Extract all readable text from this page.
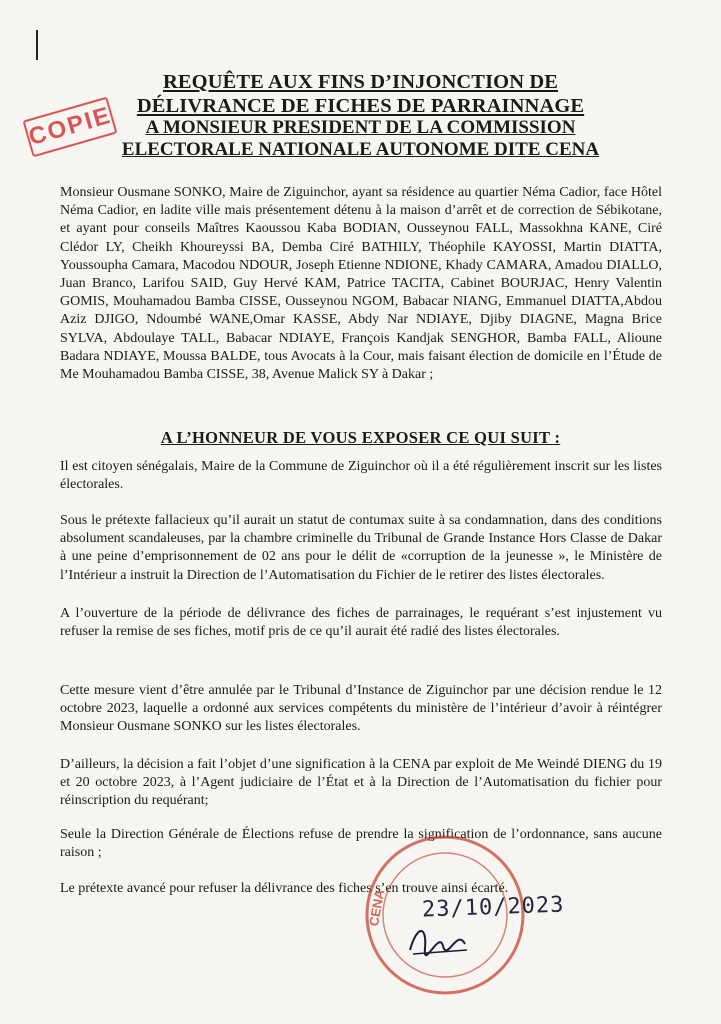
REQUÊTE AUX FINS D’INJONCTION DE
DÉLIVRANCE DE FICHES DE PARRAINNAGE
COPIE	A MONSIEUR PRESIDENT DE LA COMMISSION
ELECTORALE NATIONALE AUTONOME DITE CENA
Monsieur Ousmane SONKO, Maire de Ziguinchor, ayant sa résidence au quartier Néma Cadior, face Hôtel Néma Cadior, en ladite ville mais présentement détenu à la maison d’arrêt et de correction de Sébikotane, et ayant pour conseils Maîtres Kaoussou Kaba BODIAN, Ousseynou FALL, Massokhna KANE, Ciré Clédor LY, Cheikh Khoureyssi BA, Demba Ciré BATHILY, Théophile KAYOSSI, Martin DIATTA, Youssoupha Camara, Macodou NDOUR, Joseph Etienne NDIONE, Khady CAMARA, Amadou DIALLO, Juan Branco, Larifou SAID, Guy Hervé KAM, Patrice TACITA, Cabinet BOURJAC, Henry Valentin GOMIS, Mouhamadou Bamba CISSE, Ousseynou NGOM, Babacar NIANG, Emmanuel DIATTA,Abdou Aziz DJIGO, Ndoumbé WANE,Omar KASSE, Abdy Nar NDIAYE, Djiby DIAGNE, Magna Brice SYLVA, Abdoulaye TALL, Babacar NDIAYE, François Kandjak SENGHOR, Bamba FALL, Alioune Badara NDIAYE, Moussa BALDE, tous Avocats à la Cour, mais faisant élection de domicile en l’Étude de Me Mouhamadou Bamba CISSE, 38, Avenue Malick SY à Dakar ;
A L’HONNEUR DE VOUS EXPOSER CE QUI SUIT :
Il est citoyen sénégalais, Maire de la Commune de Ziguinchor où il a été régulièrement inscrit sur les listes électorales.
Sous le prétexte fallacieux qu’il aurait un statut de contumax suite à sa condamnation, dans des conditions absolument scandaleuses, par la chambre criminelle du Tribunal de Grande Instance Hors Classe de Dakar à une peine d’emprisonnement de 02 ans pour le délit de «corruption de la jeunesse », le Ministère de l’Intérieur a instruit la Direction de l’Automatisation du Fichier de le retirer des listes électorales.
A l’ouverture de la période de délivrance des fiches de parrainages, le requérant s’est injustement vu refuser la remise de ses fiches, motif pris de ce qu’il aurait été radié des listes électorales.
Cette mesure vient d’être annulée par le Tribunal d’Instance de Ziguinchor par une décision rendue le 12 octobre 2023, laquelle a ordonné aux services compétents du ministère de l’intérieur d’avoir à réintégrer Monsieur Ousmane SONKO sur les listes électorales.
D’ailleurs, la décision a fait l’objet d’une signification à la CENA par exploit de Me Weindé DIENG du 19 et 20 octobre 2023, à l’Agent judiciaire de l’État et à la Direction de l’Automatisation du fichier pour réinscription du requérant;
Seule la Direction Générale de Élections refuse de prendre la signification de l’ordonnance, sans aucune raison ;
Le prétexte avancé pour refuser la délivrance des fiches s’en trouve ainsi écarté.
CENA 23/10/2023
